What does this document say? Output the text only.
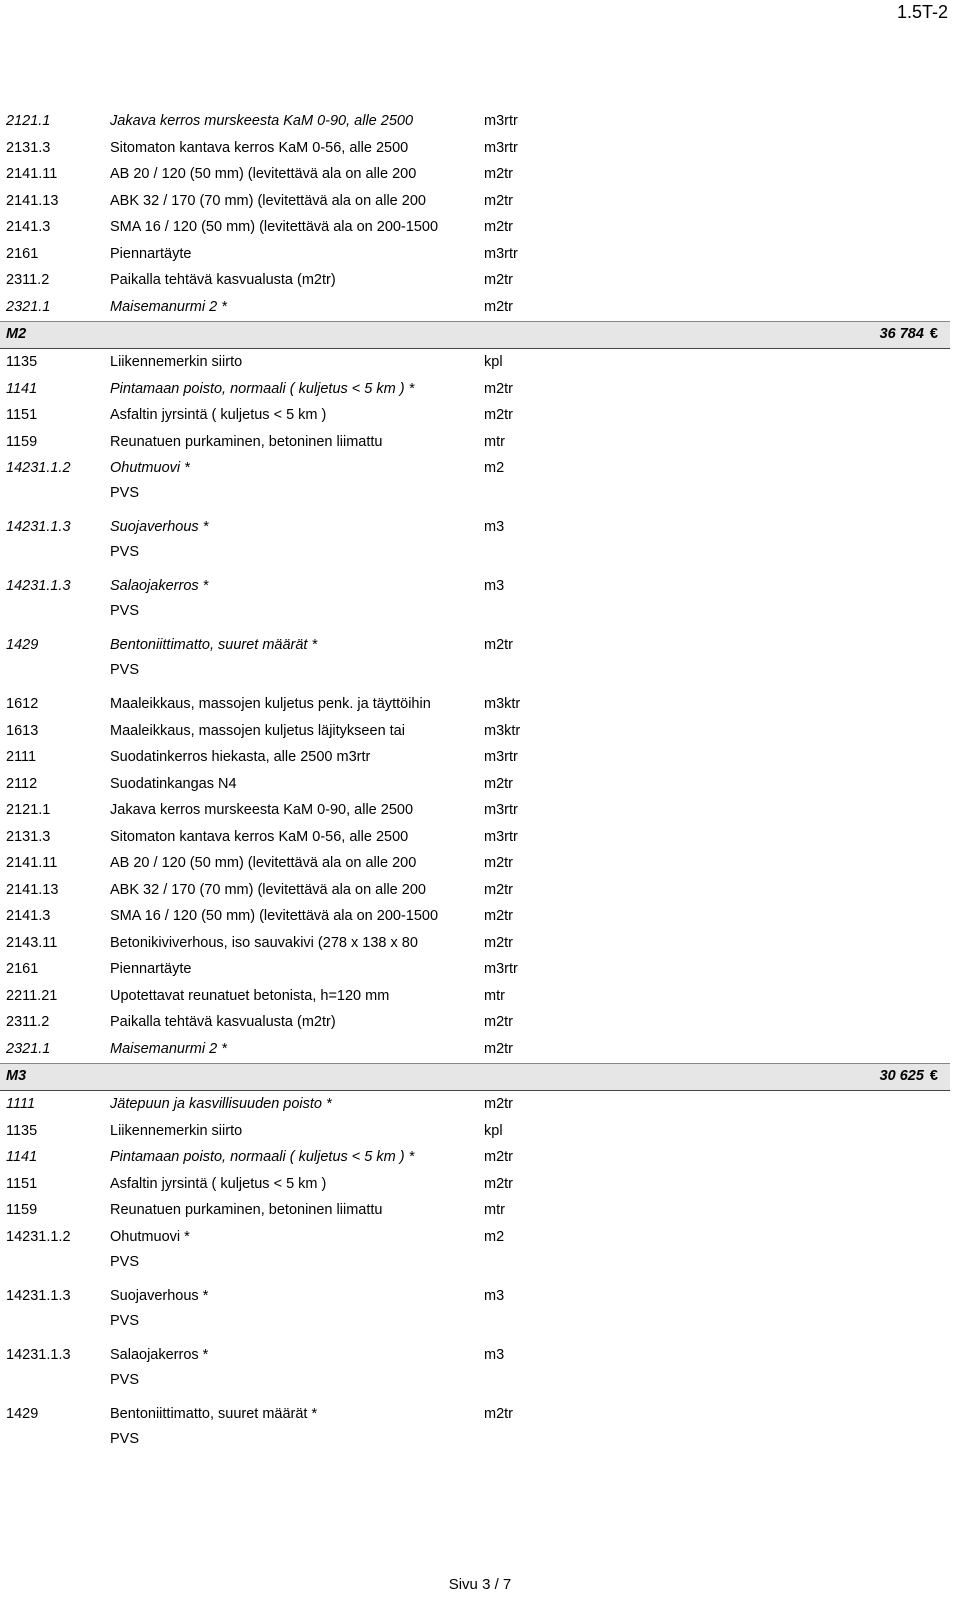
1.5T-2
2121.1	Jakava kerros murskeesta KaM 0-90, alle 2500	m3rtr
2131.3	Sitomaton kantava kerros KaM 0-56, alle 2500	m3rtr
2141.11	AB 20 / 120 (50 mm) (levitettävä ala on alle 200	m2tr
2141.13	ABK 32 / 170 (70 mm) (levitettävä ala on alle 200	m2tr
2141.3	SMA 16 / 120 (50 mm) (levitettävä ala on 200-1500	m2tr
2161	Piennartäyte	m3rtr
2311.2	Paikalla tehtävä kasvualusta (m2tr)	m2tr
2321.1	Maisemanurmi 2 *	m2tr
M2	36 784 €
1135	Liikennemerkin siirto	kpl
1141	Pintamaan poisto, normaali ( kuljetus < 5 km ) *	m2tr
1151	Asfaltin jyrsintä ( kuljetus < 5 km )	m2tr
1159	Reunatuen purkaminen, betoninen liimattu	mtr
14231.1.2	Ohutmuovi *	m2
PVS
14231.1.3	Suojaverhous *	m3
PVS
14231.1.3	Salaojakerros *	m3
PVS
1429	Bentoniittimatto, suuret määrät *	m2tr
PVS
1612	Maaleikkaus, massojen kuljetus penk. ja täyttöihin	m3ktr
1613	Maaleikkaus, massojen kuljetus läjitykseen tai	m3ktr
2111	Suodatinkerros hiekasta, alle 2500 m3rtr	m3rtr
2112	Suodatinkangas N4	m2tr
2121.1	Jakava kerros murskeesta KaM 0-90, alle 2500	m3rtr
2131.3	Sitomaton kantava kerros KaM 0-56, alle 2500	m3rtr
2141.11	AB 20 / 120 (50 mm) (levitettävä ala on alle 200	m2tr
2141.13	ABK 32 / 170 (70 mm) (levitettävä ala on alle 200	m2tr
2141.3	SMA 16 / 120 (50 mm) (levitettävä ala on 200-1500	m2tr
2143.11	Betonikiviverhous, iso sauvakivi (278 x 138 x 80	m2tr
2161	Piennartäyte	m3rtr
2211.21	Upotettavat reunatuet betonista, h=120 mm	mtr
2311.2	Paikalla tehtävä kasvualusta (m2tr)	m2tr
2321.1	Maisemanurmi 2 *	m2tr
M3	30 625 €
1111	Jätepuun ja kasvillisuuden poisto *	m2tr
1135	Liikennemerkin siirto	kpl
1141	Pintamaan poisto, normaali ( kuljetus < 5 km ) *	m2tr
1151	Asfaltin jyrsintä ( kuljetus < 5 km )	m2tr
1159	Reunatuen purkaminen, betoninen liimattu	mtr
14231.1.2	Ohutmuovi *	m2
PVS
14231.1.3	Suojaverhous *	m3
PVS
14231.1.3	Salaojakerros *	m3
PVS
1429	Bentoniittimatto, suuret määrät *	m2tr
PVS
Sivu 3 / 7
